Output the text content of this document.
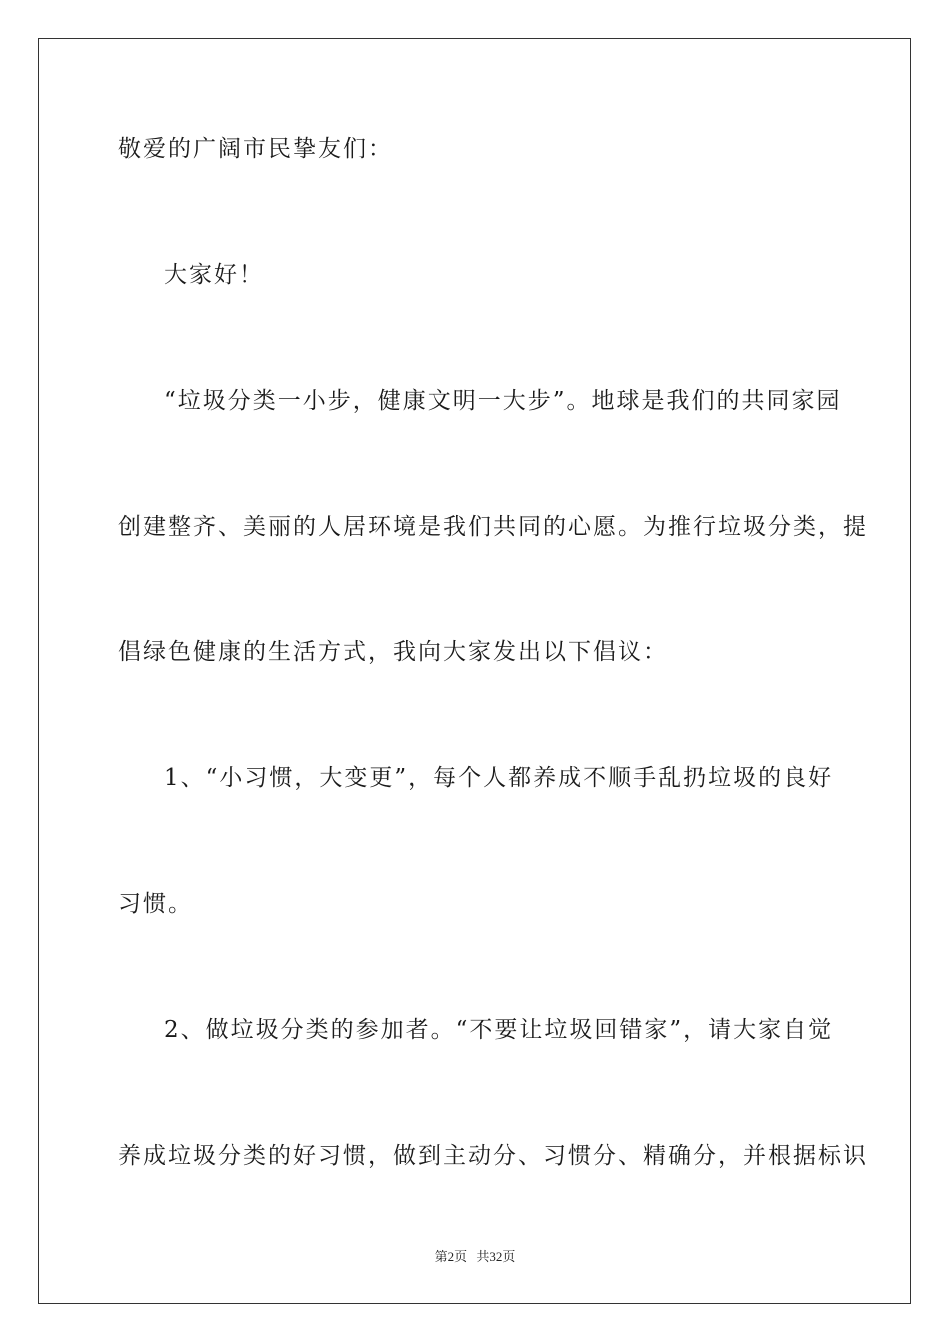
敬爱的广阔市民挚友们：
大家好！
“垃圾分类一小步，健康文明一大步”。地球是我们的共同家园
创建整齐、美丽的人居环境是我们共同的心愿。为推行垃圾分类，提
倡绿色健康的生活方式，我向大家发出以下倡议：
1、“小习惯，大变更”，每个人都养成不顺手乱扔垃圾的良好
习惯。
2、做垃圾分类的参加者。“不要让垃圾回错家”，请大家自觉
养成垃圾分类的好习惯，做到主动分、习惯分、精确分，并根据标识
第2页 共32页
